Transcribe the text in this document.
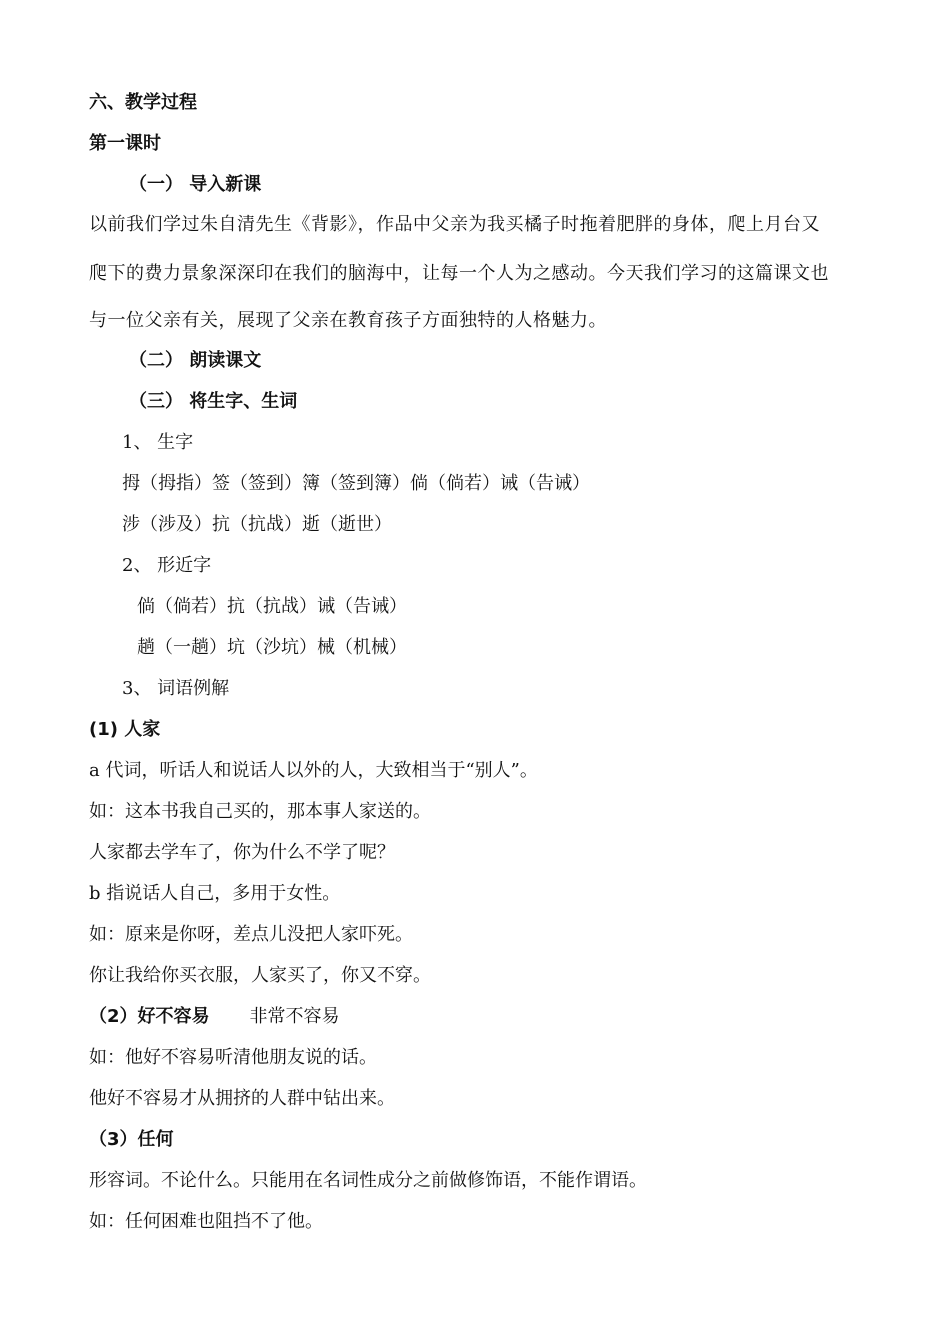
六、教学过程
第一课时
（一） 导入新课
以前我们学过朱自清先生《背影》，作品中父亲为我买橘子时拖着肥胖的身体，爬上月台又
爬下的费力景象深深印在我们的脑海中，让每一个人为之感动。今天我们学习的这篇课文也
与一位父亲有关，展现了父亲在教育孩子方面独特的人格魅力。
（二） 朗读课文
（三） 将生字、生词
1、 生字
拇（拇指）签（签到）簿（签到簿）倘（倘若）诫（告诫）
涉（涉及）抗（抗战）逝（逝世）
2、 形近字
倘（倘若）抗（抗战）诫（告诫）
趟（一趟）坑（沙坑）械（机械）
3、 词语例解
(1) 人家
a 代词，听话人和说话人以外的人，大致相当于“别人”。
如：这本书我自己买的，那本事人家送的。
人家都去学车了，你为什么不学了呢？
b 指说话人自己，多用于女性。
如：原来是你呀，差点儿没把人家吓死。
你让我给你买衣服，人家买了，你又不穿。
（2）好不容易 非常不容易
如：他好不容易听清他朋友说的话。
他好不容易才从拥挤的人群中钻出来。
（3）任何
形容词。不论什么。只能用在名词性成分之前做修饰语，不能作谓语。
如：任何困难也阻挡不了他。
